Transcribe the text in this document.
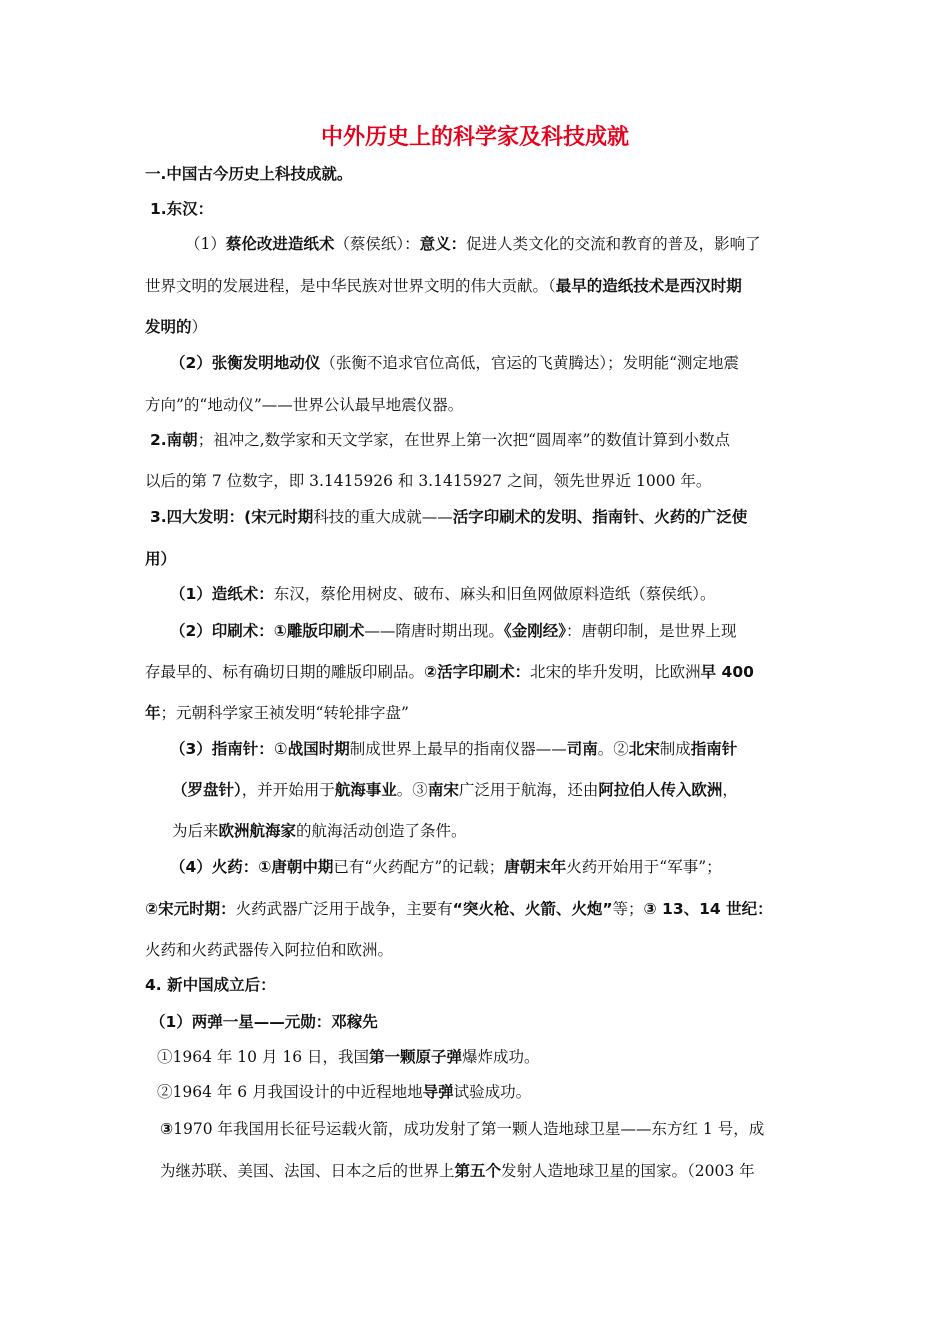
中外历史上的科学家及科技成就
一.中国古今历史上科技成就。
1.东汉：
（1）蔡伦改进造纸术（蔡侯纸）：意义：促进人类文化的交流和教育的普及，影响了
世界文明的发展进程，是中华民族对世界文明的伟大贡献。（最早的造纸技术是西汉时期
发明的）
（2）张衡发明地动仪（张衡不追求官位高低，官运的飞黄腾达）；发明能“测定地震
方向”的“地动仪”——世界公认最早地震仪器。
2.南朝；祖冲之,数学家和天文学家，在世界上第一次把“圆周率”的数值计算到小数点
以后的第 7 位数字，即 3.1415926 和 3.1415927 之间，领先世界近 1000 年。
3.四大发明：(宋元时期科技的重大成就——活字印刷术的发明、指南针、火药的广泛使
用）
（1）造纸术：东汉，蔡伦用树皮、破布、麻头和旧鱼网做原料造纸（蔡侯纸）。
（2）印刷术：①雕版印刷术——隋唐时期出现。《金刚经》：唐朝印制，是世界上现
存最早的、标有确切日期的雕版印刷品。②活字印刷术：北宋的毕升发明，比欧洲早 400
年；元朝科学家王祯发明“转轮排字盘”
（3）指南针：①战国时期制成世界上最早的指南仪器——司南。②北宋制成指南针
（罗盘针），并开始用于航海事业。③南宋广泛用于航海，还由阿拉伯人传入欧洲，
为后来欧洲航海家的航海活动创造了条件。
（4）火药：①唐朝中期已有“火药配方”的记载；唐朝末年火药开始用于“军事”；
②宋元时期：火药武器广泛用于战争，主要有“突火枪、火箭、火炮”等；③ 13、14 世纪：
火药和火药武器传入阿拉伯和欧洲。
4. 新中国成立后：
（1）两弹一星——元勋：邓稼先
①1964 年 10 月 16 日，我国第一颗原子弹爆炸成功。
②1964 年 6 月我国设计的中近程地地导弹试验成功。
③1970 年我国用长征号运载火箭，成功发射了第一颗人造地球卫星——东方红 1 号，成
为继苏联、美国、法国、日本之后的世界上第五个发射人造地球卫星的国家。（2003 年
